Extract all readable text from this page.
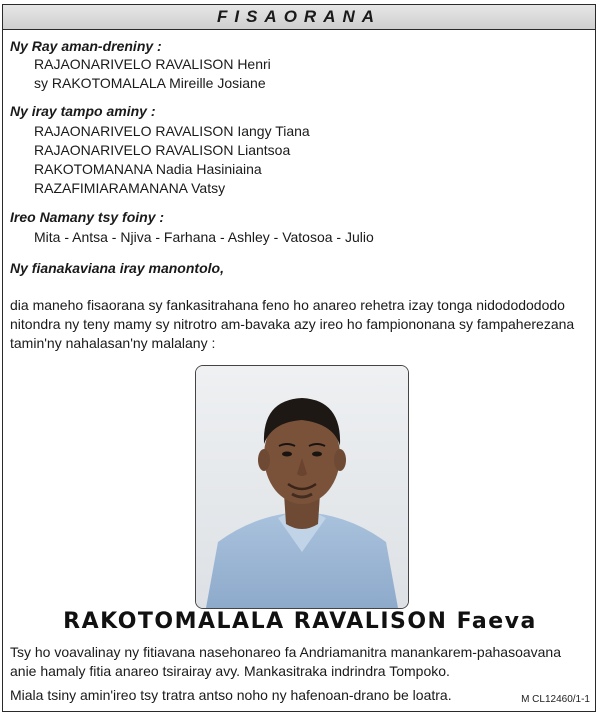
FISAORANA
Ny Ray aman-dreniny :
RAJAONARIVELO RAVALISON Henri
sy RAKOTOMALALA Mireille Josiane
Ny iray tampo aminy :
RAJAONARIVELO RAVALISON Iangy Tiana
RAJAONARIVELO RAVALISON Liantsoa
RAKOTOMANANA Nadia Hasiniaina
RAZAFIMIARAMANANA Vatsy
Ireo Namany tsy foiny :
Mita - Antsa - Njiva - Farhana - Ashley - Vatosoa - Julio
Ny fianakaviana iray manontolo,
dia maneho fisaorana sy fankasitrahana feno ho anareo rehetra izay tonga nidododododo nitondra ny teny mamy sy nitrotro am-bavaka azy ireo ho fampiononana sy fampaherezana tamin'ny nahalasan'ny malalany :
RAKOTOMALALA RAVALISON Faeva
Tsy ho voavalinay ny fitiavana nasehonareo fa Andriamanitra manankarem-pahasoavana anie hamaly fitia anareo tsirairay avy. Mankasitraka indrindra Tompoko.
Miala tsiny amin'ireo tsy tratra antso noho ny hafenoan-drano be loatra.	M CL12460/1-1
